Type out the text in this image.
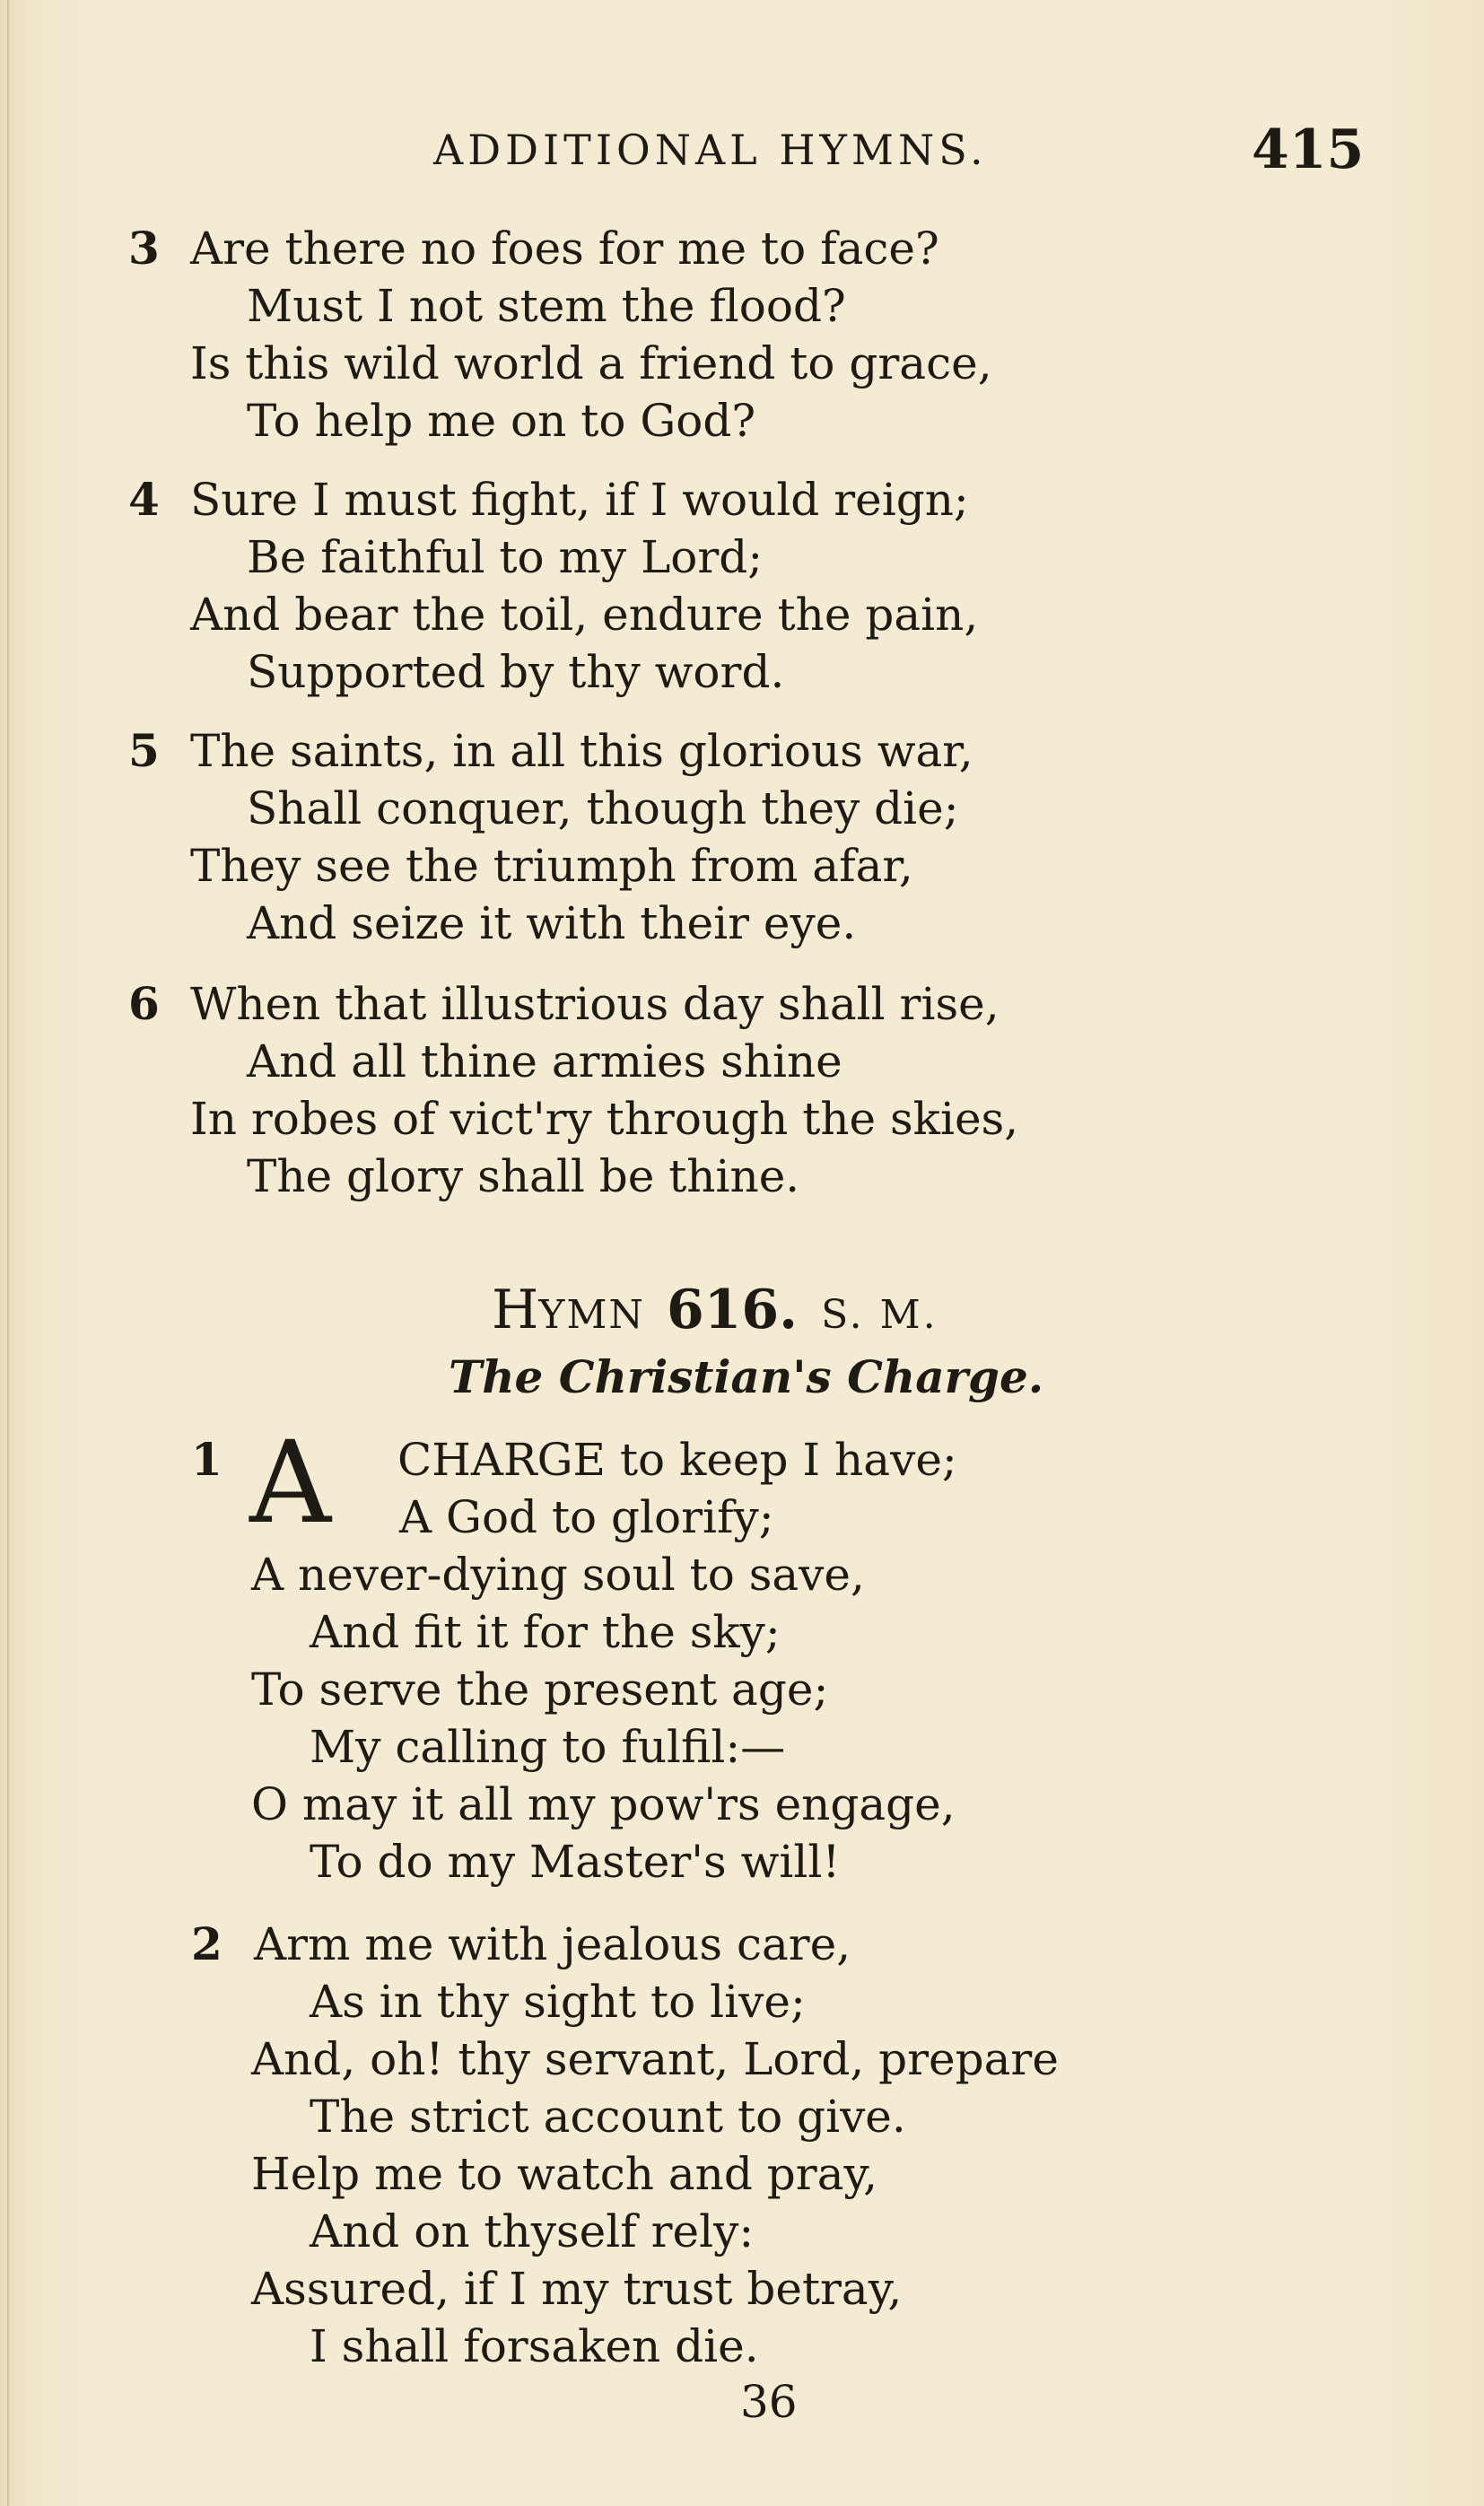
ADDITIONAL HYMNS.	415
3 Are there no foes for me to face?
Must I not stem the flood?
Is this wild world a friend to grace,
To help me on to God?
4 Sure I must fight, if I would reign;
Be faithful to my Lord;
And bear the toil, endure the pain,
Supported by thy word.
5 The saints, in all this glorious war,
Shall conquer, though they die;
They see the triumph from afar,
And seize it with their eye.
6 When that illustrious day shall rise,
And all thine armies shine
In robes of vict'ry through the skies,
The glory shall be thine.
HYMN 616. S. M.
The Christian's Charge.
1 A CHARGE to keep I have;
A God to glorify;
A never-dying soul to save,
And fit it for the sky;
To serve the present age;
My calling to fulfil:—
O may it all my pow'rs engage,
To do my Master's will!
2 Arm me with jealous care,
As in thy sight to live;
And, oh! thy servant, Lord, prepare
The strict account to give.
Help me to watch and pray,
And on thyself rely:
Assured, if I my trust betray,
I shall forsaken die.
36
